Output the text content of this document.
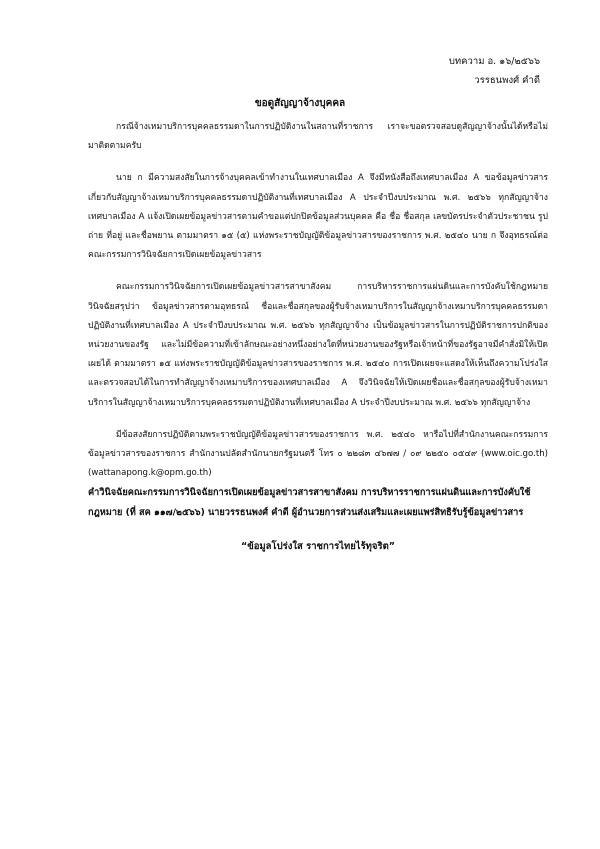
บทความ อ. ๑๖/๒๕๖๖
วรรธนพงศ์ คำดี
ขอดูสัญญาจ้างบุคคล

กรณีจ้างเหมาบริการบุคคลธรรมดาในการปฏิบัติงานในสถานที่ราชการ เราจะขอตรวจสอบดูสัญญาจ้างนั้นได้หรือไม่ มาติดตามครับ

นาย ก มีความสงสัยในการจ้างบุคคลเข้าทำงานในเทศบาลเมือง A จึงมีหนังสือถึงเทศบาลเมือง A ขอข้อมูลข่าวสารเกี่ยวกับสัญญาจ้างเหมาบริการบุคคลธรรมดาปฏิบัติงานที่เทศบาลเมือง A ประจำปีงบประมาณ พ.ศ. ๒๕๖๖ ทุกสัญญาจ้าง เทศบาลเมือง A แจ้งเปิดเผยข้อมูลข่าวสารตามคำขอแต่ปกปิดข้อมูลส่วนบุคคล คือ ชื่อ ชื่อสกุล เลขบัตรประจำตัวประชาชน รูปถ่าย ที่อยู่ และชื่อพยาน ตามมาตรา ๑๕ (๕) แห่งพระราชบัญญัติข้อมูลข่าวสารของราชการ พ.ศ. ๒๕๔๐ นาย ก จึงอุทธรณ์ต่อคณะกรรมการวินิจฉัยการเปิดเผยข้อมูลข่าวสาร

คณะกรรมการวินิจฉัยการเปิดเผยข้อมูลข่าวสารสาขาสังคม การบริหารราชการแผ่นดินและการบังคับใช้กฎหมาย วินิจฉัยสรุปว่า ข้อมูลข่าวสารตามอุทธรณ์ ชื่อและชื่อสกุลของผู้รับจ้างเหมาบริการในสัญญาจ้างเหมาบริการบุคคลธรรมดาปฏิบัติงานที่เทศบาลเมือง A ประจำปีงบประมาณ พ.ศ. ๒๕๖๖ ทุกสัญญาจ้าง เป็นข้อมูลข่าวสารในการปฏิบัติราชการปกติของหน่วยงานของรัฐ และไม่มีข้อความที่เข้าลักษณะอย่างหนึ่งอย่างใดที่หน่วยงานของรัฐหรือเจ้าหน้าที่ของรัฐอาจมีคำสั่งมิให้เปิดเผยได้ ตามมาตรา ๑๕ แห่งพระราชบัญญัติข้อมูลข่าวสารของราชการ พ.ศ. ๒๕๔๐ การเปิดเผยจะแสดงให้เห็นถึงความโปร่งใสและตรวจสอบได้ในการทำสัญญาจ้างเหมาบริการของเทศบาลเมือง A จึงวินิจฉัยให้เปิดเผยชื่อและชื่อสกุลของผู้รับจ้างเหมาบริการในสัญญาจ้างเหมาบริการบุคคลธรรมดาปฏิบัติงานที่เทศบาลเมือง A ประจำปีงบประมาณ พ.ศ. ๒๕๖๖ ทุกสัญญาจ้าง

มีข้อสงสัยการปฏิบัติตามพระราชบัญญัติข้อมูลข่าวสารของราชการ พ.ศ. ๒๕๔๐ หารือไปที่สำนักงานคณะกรรมการข้อมูลข่าวสารของราชการ สำนักงานปลัดสำนักนายกรัฐมนตรี โทร ๐ ๒๒๘๓ ๔๖๗๗ / ๐๙ ๒๒๕๐ ๐๕๔๙ (www.oic.go.th) (wattanapong.k@opm.go.th)

คำวินิจฉัยคณะกรรมการวินิจฉัยการเปิดเผยข้อมูลข่าวสารสาขาสังคม การบริหารราชการแผ่นดินและการบังคับใช้กฎหมาย (ที่ สค ๑๑๗/๒๕๖๖) นายวรรธนพงศ์ คำดี ผู้อำนวยการส่วนส่งเสริมและเผยแพร่สิทธิรับรู้ข้อมูลข่าวสาร

“ข้อมูลโปร่งใส ราชการไทยไร้ทุจริต”
